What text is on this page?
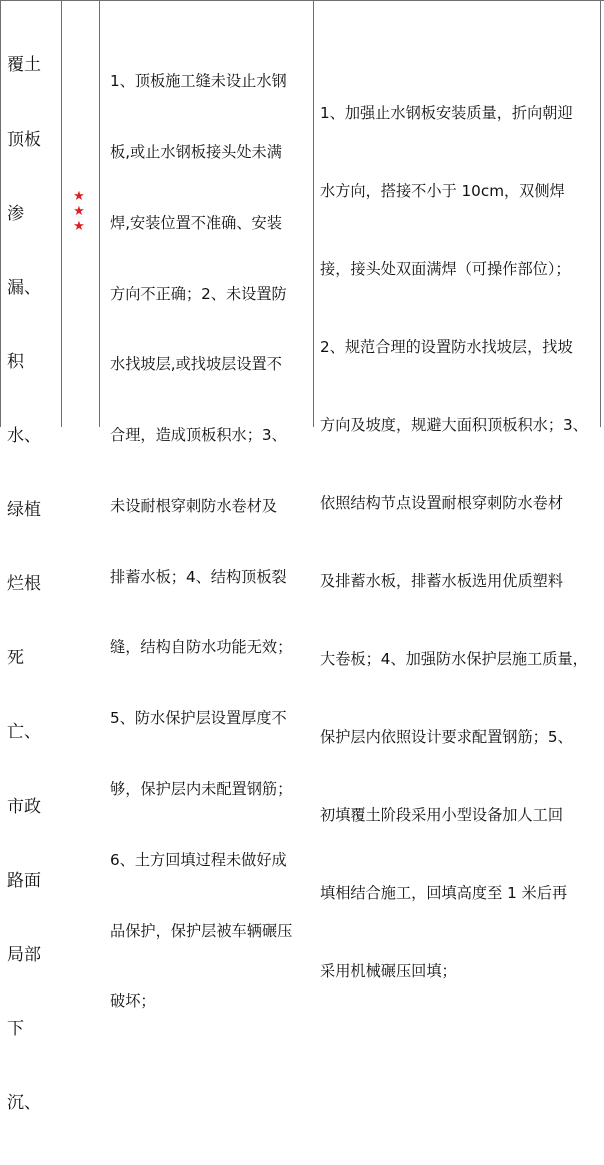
覆土

顶板

渗

漏、

积

水、

绿植

烂根

死

亡、

市政

路面

局部

下

沉、

★
★
★

1、顶板施工缝未设止水钢

板,或止水钢板接头处未满

焊,安装位置不准确、安装

方向不正确；2、未设置防

水找坡层,或找坡层设置不

合理，造成顶板积水；3、

未设耐根穿刺防水卷材及

排蓄水板；4、结构顶板裂

缝，结构自防水功能无效；

5、防水保护层设置厚度不

够，保护层内未配置钢筋；

6、土方回填过程未做好成

品保护，保护层被车辆碾压

破坏；

1、加强止水钢板安装质量，折向朝迎

水方向，搭接不小于 10cm，双侧焊

接，接头处双面满焊（可操作部位）；

2、规范合理的设置防水找坡层，找坡

方向及坡度，规避大面积顶板积水；3、

依照结构节点设置耐根穿刺防水卷材

及排蓄水板，排蓄水板选用优质塑料

大卷板；4、加强防水保护层施工质量，

保护层内依照设计要求配置钢筋；5、

初填覆土阶段采用小型设备加人工回

填相结合施工，回填高度至 1 米后再

采用机械碾压回填；
